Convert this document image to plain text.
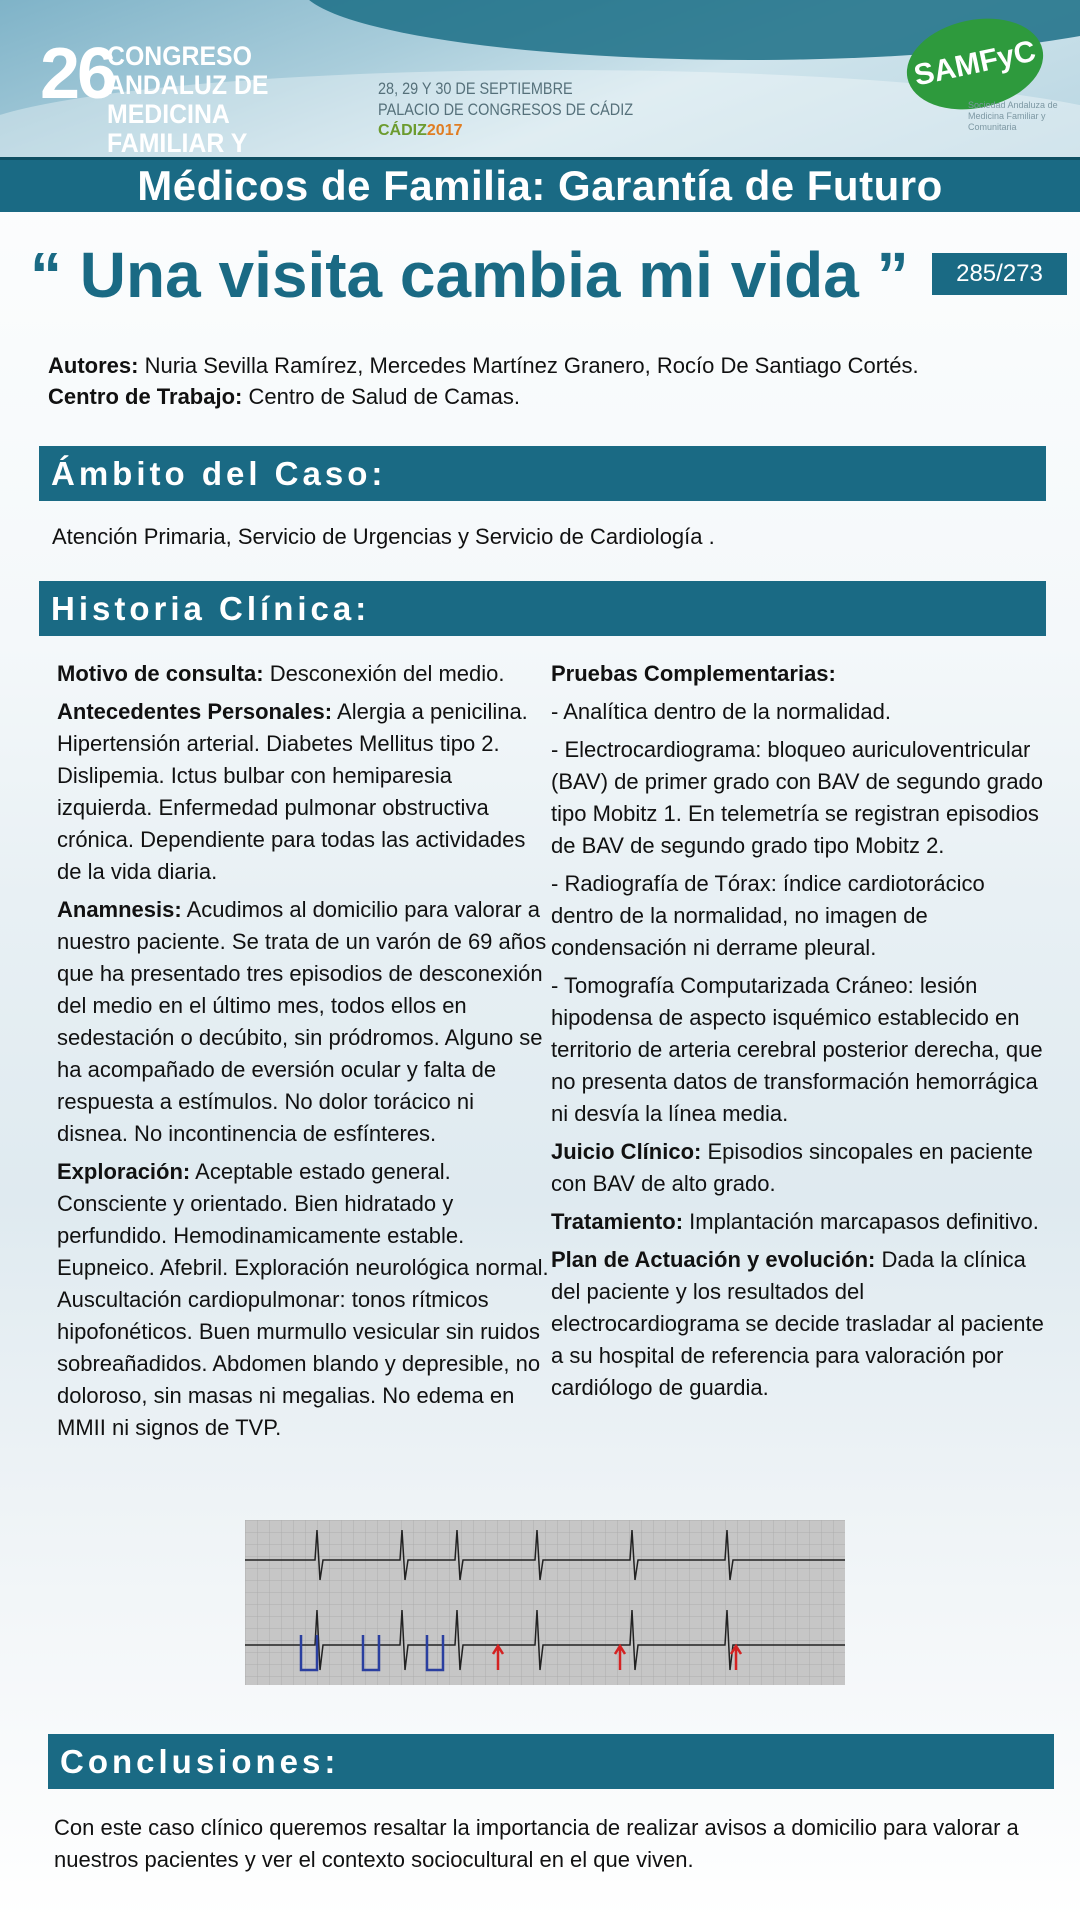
26
CONGRESO ANDALUZ DE MEDICINA FAMILIAR Y
28, 29 Y 30 DE SEPTIEMBRE
PALACIO DE CONGRESOS DE CÁDIZ
CÁDIZ2017
SAMFyC
Sociedad Andaluza de Medicina Familiar y Comunitaria
Médicos de Familia: Garantía de Futuro
“ Una visita cambia mi vida ”	285/273
Autores: Nuria Sevilla Ramírez, Mercedes Martínez Granero, Rocío De Santiago Cortés.
Centro de Trabajo: Centro de Salud de Camas.
Ámbito del Caso:
Atención Primaria, Servicio de Urgencias y Servicio de Cardiología .
Historia Clínica:

Motivo de consulta: Desconexión del medio.

Antecedentes Personales: Alergia a penicilina. Hipertensión arterial. Diabetes Mellitus tipo 2. Dislipemia. Ictus bulbar con hemiparesia izquierda. Enfermedad pulmonar obstructiva crónica. Dependiente para todas las actividades de la vida diaria.

Anamnesis: Acudimos al domicilio para valorar a nuestro paciente. Se trata de un varón de 69 años que ha presentado tres episodios de desconexión del medio en el último mes, todos ellos en sedestación o decúbito, sin pródromos. Alguno se ha acompañado de eversión ocular y falta de respuesta a estímulos. No dolor torácico ni disnea. No incontinencia de esfínteres.

Exploración: Aceptable estado general. Consciente y orientado. Bien hidratado y perfundido. Hemodinamicamente estable. Eupneico. Afebril. Exploración neurológica normal. Auscultación cardiopulmonar: tonos rítmicos hipofonéticos. Buen murmullo vesicular sin ruidos sobreañadidos. Abdomen blando y depresible, no doloroso, sin masas ni megalias. No edema en MMII ni signos de TVP.

Pruebas Complementarias:

- Analítica dentro de la normalidad.

- Electrocardiograma: bloqueo auriculoventricular (BAV) de primer grado con BAV de segundo grado tipo Mobitz 1. En telemetría se registran episodios de BAV de segundo grado tipo Mobitz 2.

- Radiografía de Tórax: índice cardiotorácico dentro de la normalidad, no imagen de condensación ni derrame pleural.

- Tomografía Computarizada Cráneo: lesión hipodensa de aspecto isquémico establecido en territorio de arteria cerebral posterior derecha, que no presenta datos de transformación hemorrágica ni desvía la línea media.

Juicio Clínico: Episodios sincopales en paciente con BAV de alto grado.

Tratamiento: Implantación marcapasos definitivo.

Plan de Actuación y evolución: Dada la clínica del paciente y los resultados del electrocardiograma se decide trasladar al paciente a su hospital de referencia para valoración por cardiólogo de guardia.

Conclusiones:
Con este caso clínico queremos resaltar la importancia de realizar avisos a domicilio para valorar a nuestros pacientes y ver el contexto sociocultural en el que viven.
